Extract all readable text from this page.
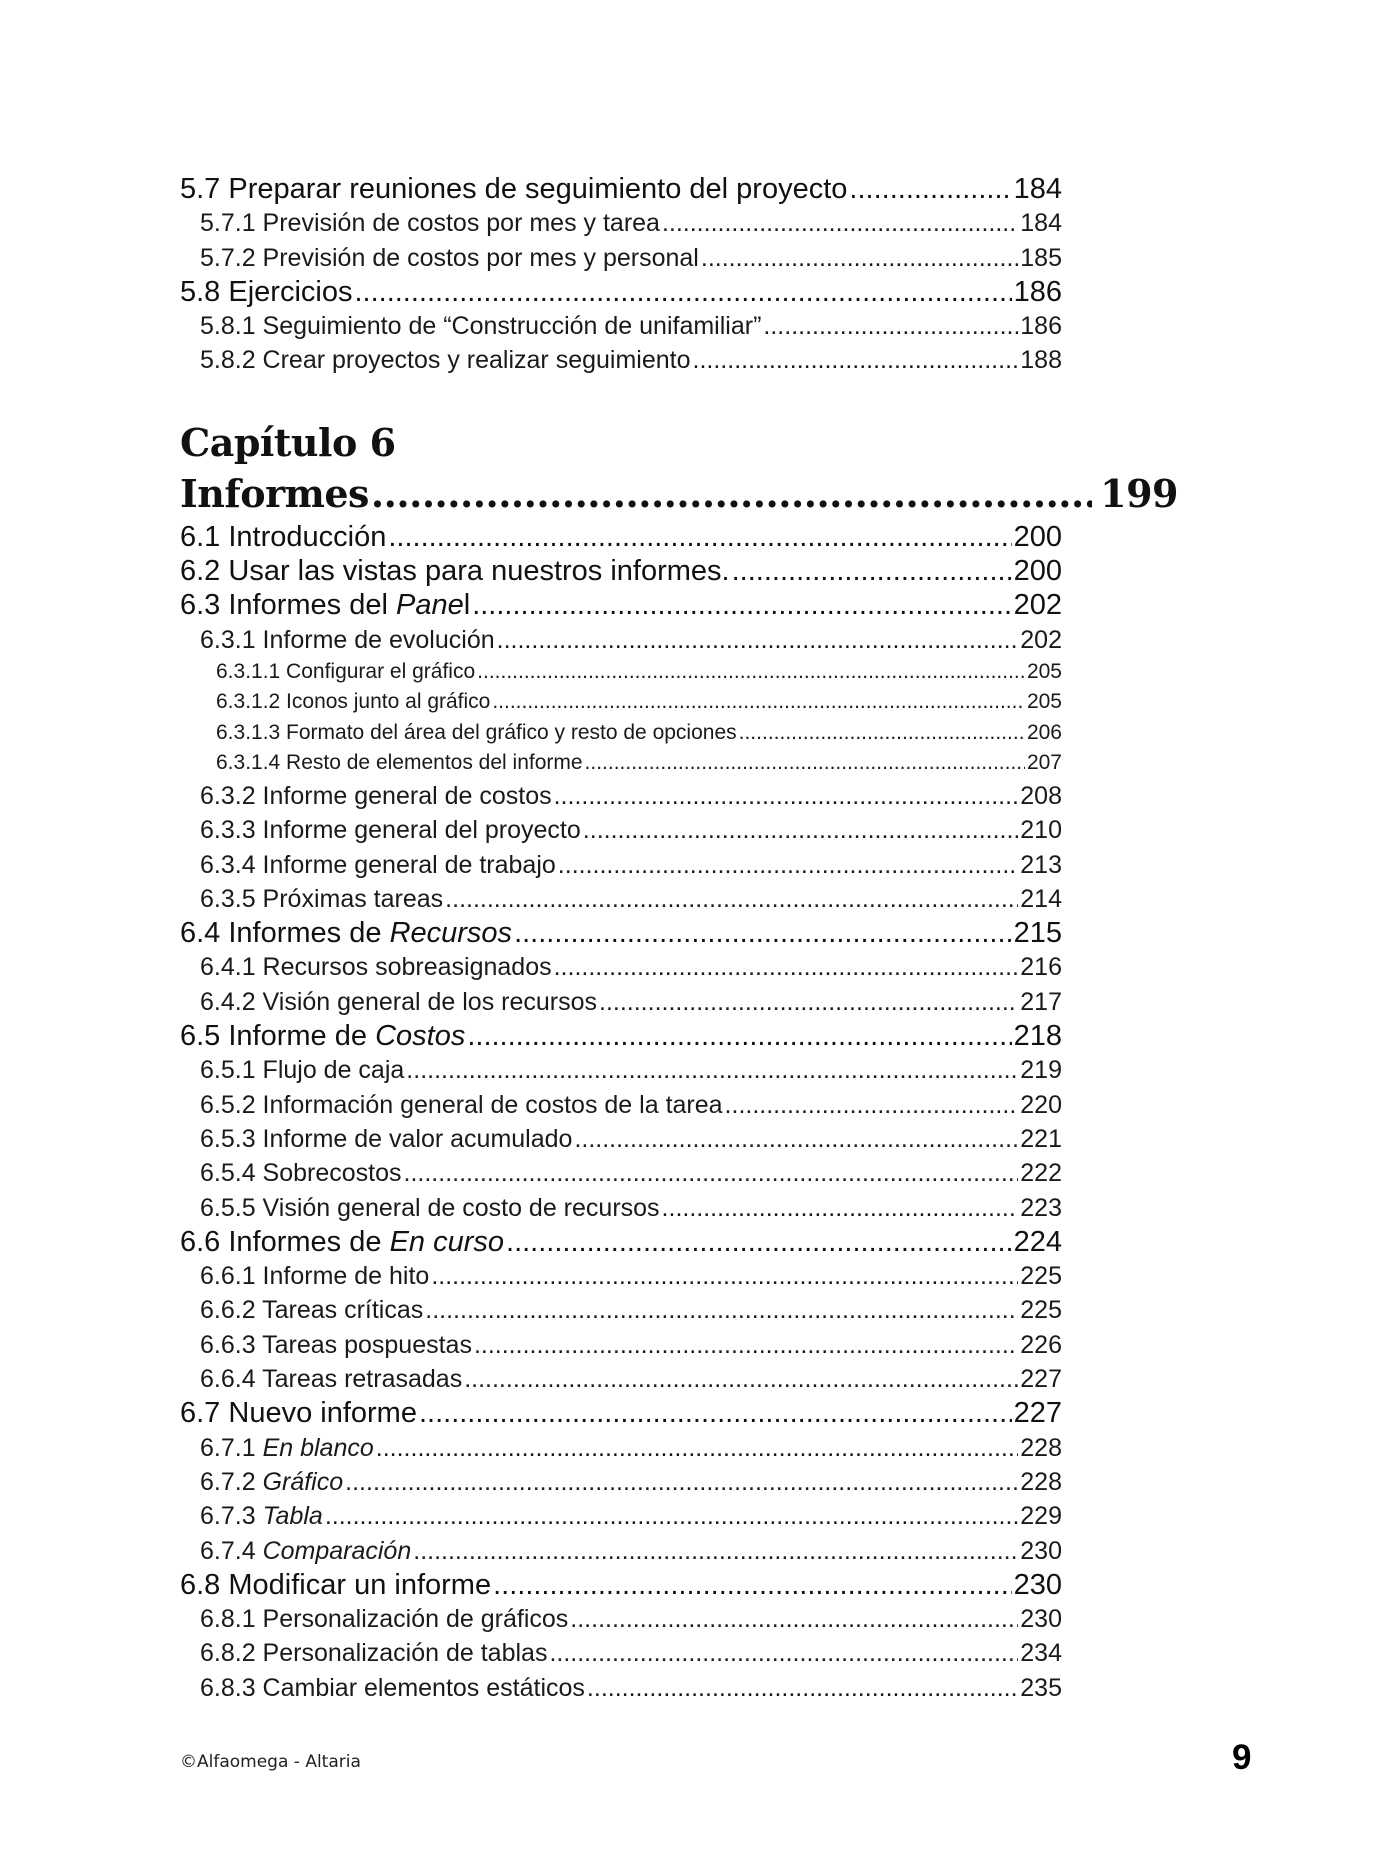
5.7 Preparar reuniones de seguimiento del proyecto .....	184
5.7.1 Previsión de costos por mes y tarea .....	184
5.7.2 Previsión de costos por mes y personal .....	185
5.8 Ejercicios .....	186
5.8.1 Seguimiento de “Construcción de unifamiliar” .....	186
5.8.2 Crear proyectos y realizar seguimiento .....	188
Capítulo 6
Informes .....	199
6.1 Introducción .....	200
6.2 Usar las vistas para nuestros informes. .....	200
6.3 Informes del Panel .....	202
6.3.1 Informe de evolución .....	202
6.3.1.1 Configurar el gráfico .....	205
6.3.1.2 Iconos junto al gráfico .....	205
6.3.1.3 Formato del área del gráfico y resto de opciones .....	206
6.3.1.4 Resto de elementos del informe .....	207
6.3.2 Informe general de costos .....	208
6.3.3 Informe general del proyecto .....	210
6.3.4 Informe general de trabajo .....	213
6.3.5 Próximas tareas .....	214
6.4 Informes de Recursos .....	215
6.4.1 Recursos sobreasignados .....	216
6.4.2 Visión general de los recursos .....	217
6.5 Informe de Costos .....	218
6.5.1 Flujo de caja .....	219
6.5.2 Información general de costos de la tarea .....	220
6.5.3 Informe de valor acumulado .....	221
6.5.4 Sobrecostos .....	222
6.5.5 Visión general de costo de recursos .....	223
6.6 Informes de En curso .....	224
6.6.1 Informe de hito .....	225
6.6.2 Tareas críticas .....	225
6.6.3 Tareas pospuestas .....	226
6.6.4 Tareas retrasadas .....	227
6.7 Nuevo informe .....	227
6.7.1 En blanco .....	228
6.7.2 Gráfico .....	228
6.7.3 Tabla .....	229
6.7.4 Comparación .....	230
6.8 Modificar un informe .....	230
6.8.1 Personalización de gráficos .....	230
6.8.2 Personalización de tablas .....	234
6.8.3 Cambiar elementos estáticos .....	235
©Alfaomega - Altaria	9
